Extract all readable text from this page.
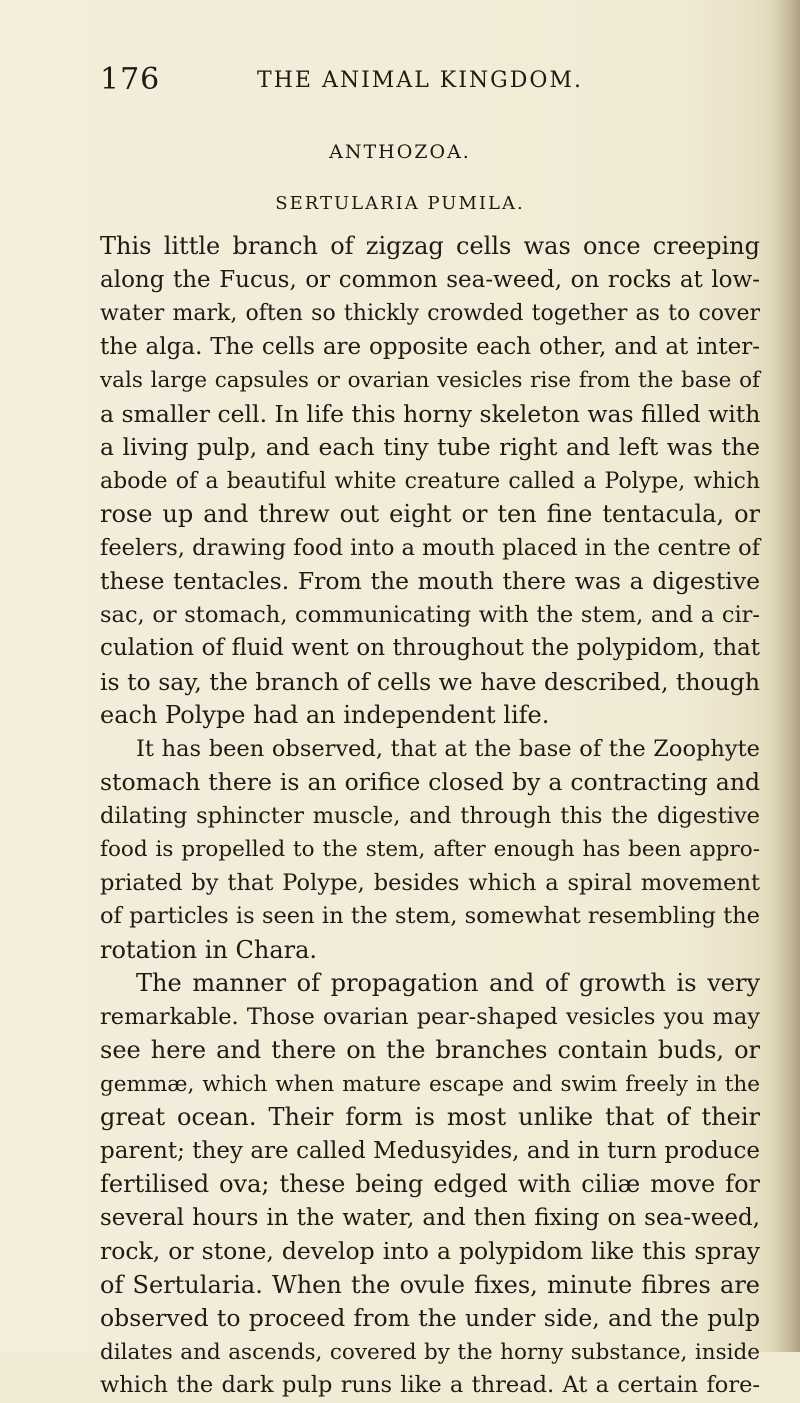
176	THE ANIMAL KINGDOM.
ANTHOZOA.
SERTULARIA PUMILA.
This little branch of zigzag cells was once creeping
along the Fucus, or common sea-weed, on rocks at low-
water mark, often so thickly crowded together as to cover
the alga. The cells are opposite each other, and at inter-
vals large capsules or ovarian vesicles rise from the base of
a smaller cell. In life this horny skeleton was filled with
a living pulp, and each tiny tube right and left was the
abode of a beautiful white creature called a Polype, which
rose up and threw out eight or ten fine tentacula, or
feelers, drawing food into a mouth placed in the centre of
these tentacles. From the mouth there was a digestive
sac, or stomach, communicating with the stem, and a cir-
culation of fluid went on throughout the polypidom, that
is to say, the branch of cells we have described, though
each Polype had an independent life.
It has been observed, that at the base of the Zoophyte
stomach there is an orifice closed by a contracting and
dilating sphincter muscle, and through this the digestive
food is propelled to the stem, after enough has been appro-
priated by that Polype, besides which a spiral movement
of particles is seen in the stem, somewhat resembling the
rotation in Chara.
The manner of propagation and of growth is very
remarkable. Those ovarian pear-shaped vesicles you may
see here and there on the branches contain buds, or
gemmæ, which when mature escape and swim freely in the
great ocean. Their form is most unlike that of their
parent; they are called Medusyides, and in turn produce
fertilised ova; these being edged with ciliæ move for
several hours in the water, and then fixing on sea-weed,
rock, or stone, develop into a polypidom like this spray
of Sertularia. When the ovule fixes, minute fibres are
observed to proceed from the under side, and the pulp
dilates and ascends, covered by the horny substance, inside
which the dark pulp runs like a thread. At a certain fore-
